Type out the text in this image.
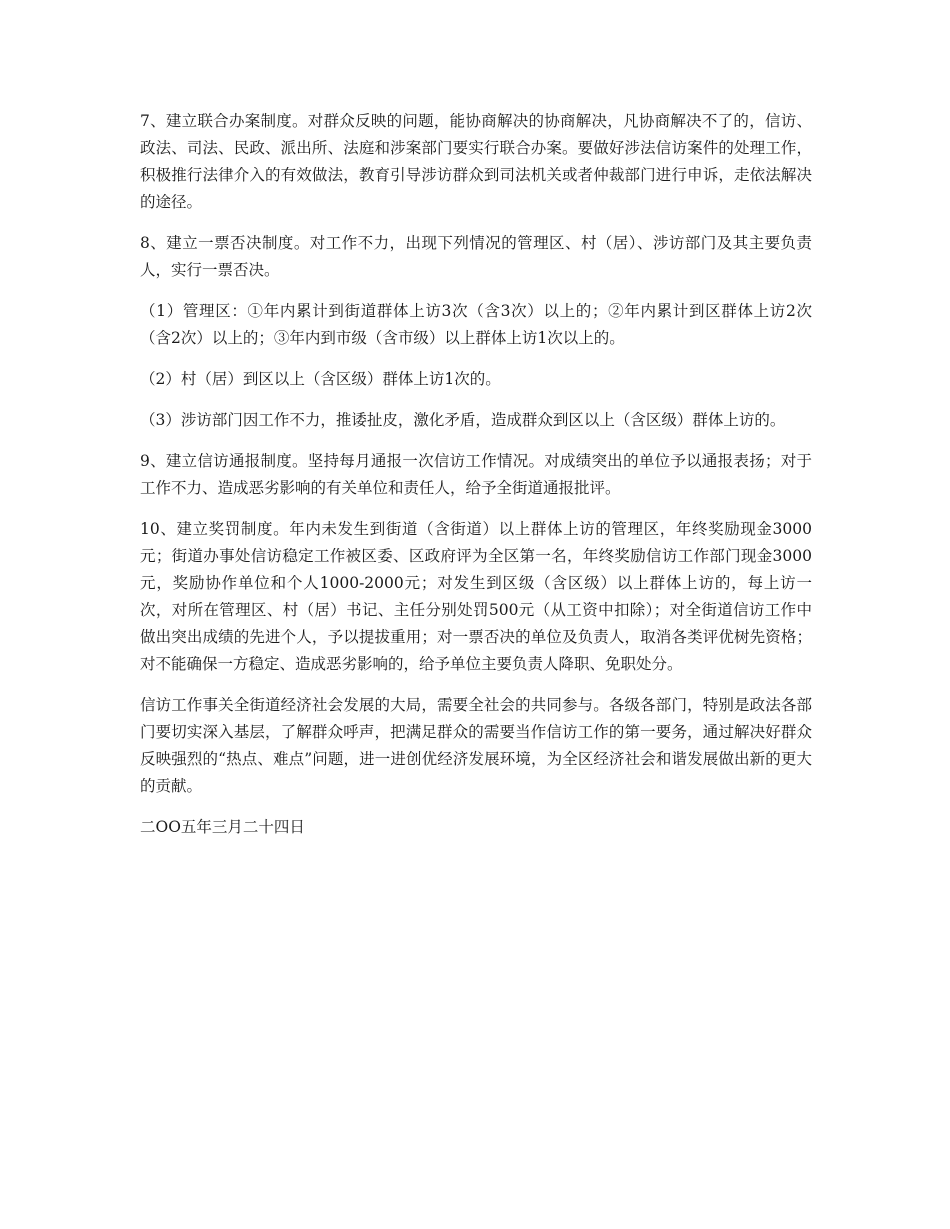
7、建立联合办案制度。对群众反映的问题，能协商解决的协商解决，凡协商解决不了的，信访、政法、司法、民政、派出所、法庭和涉案部门要实行联合办案。要做好涉法信访案件的处理工作，积极推行法律介入的有效做法，教育引导涉访群众到司法机关或者仲裁部门进行申诉，走依法解决的途径。

8、建立一票否决制度。对工作不力，出现下列情况的管理区、村（居）、涉访部门及其主要负责人，实行一票否决。

（1）管理区：①年内累计到街道群体上访3次（含3次）以上的；②年内累计到区群体上访2次（含2次）以上的；③年内到市级（含市级）以上群体上访1次以上的。

（2）村（居）到区以上（含区级）群体上访1次的。

（3）涉访部门因工作不力，推诿扯皮，激化矛盾，造成群众到区以上（含区级）群体上访的。

9、建立信访通报制度。坚持每月通报一次信访工作情况。对成绩突出的单位予以通报表扬；对于工作不力、造成恶劣影响的有关单位和责任人，给予全街道通报批评。

10、建立奖罚制度。年内未发生到街道（含街道）以上群体上访的管理区，年终奖励现金3000元；街道办事处信访稳定工作被区委、区政府评为全区第一名，年终奖励信访工作部门现金3000元，奖励协作单位和个人1000-2000元；对发生到区级（含区级）以上群体上访的，每上访一次，对所在管理区、村（居）书记、主任分别处罚500元（从工资中扣除）；对全街道信访工作中做出突出成绩的先进个人，予以提拔重用；对一票否决的单位及负责人，取消各类评优树先资格；对不能确保一方稳定、造成恶劣影响的，给予单位主要负责人降职、免职处分。

信访工作事关全街道经济社会发展的大局，需要全社会的共同参与。各级各部门，特别是政法各部门要切实深入基层，了解群众呼声，把满足群众的需要当作信访工作的第一要务，通过解决好群众反映强烈的“热点、难点”问题，进一进创优经济发展环境，为全区经济社会和谐发展做出新的更大的贡献。

二OO五年三月二十四日
